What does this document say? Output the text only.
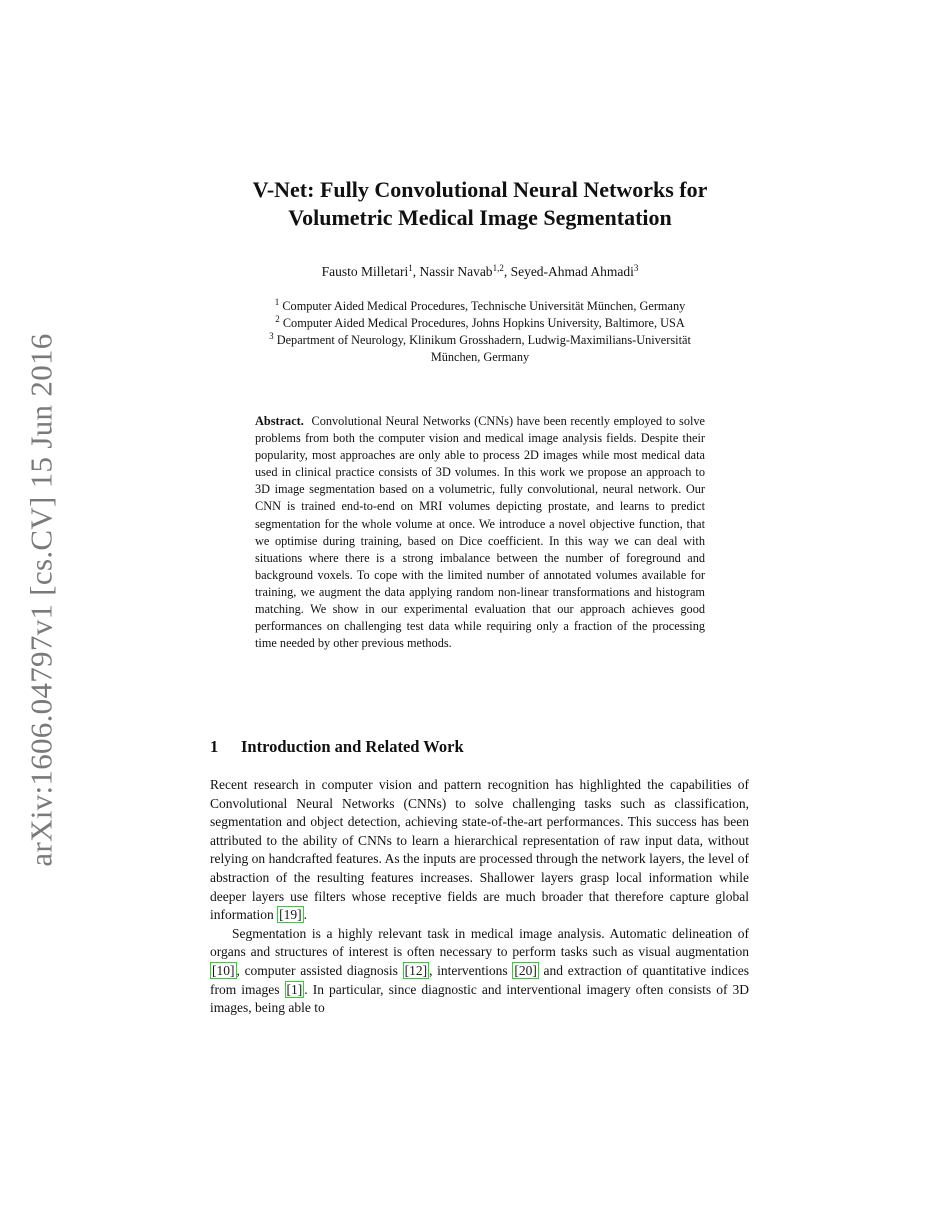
arXiv:1606.04797v1 [cs.CV] 15 Jun 2016
V-Net: Fully Convolutional Neural Networks for
Volumetric Medical Image Segmentation
Fausto Milletari$^1$, Nassir Navab$^{1,2}$, Seyed-Ahmad Ahmadi$^3$
$^1$ Computer Aided Medical Procedures, Technische Universität München, Germany
$^2$ Computer Aided Medical Procedures, Johns Hopkins University, Baltimore, USA
$^3$ Department of Neurology, Klinikum Grosshadern, Ludwig-Maximilians-Universität
München, Germany
Abstract. Convolutional Neural Networks (CNNs) have been recently employed to solve problems from both the computer vision and medical image analysis fields. Despite their popularity, most approaches are only able to process 2D images while most medical data used in clinical practice consists of 3D volumes. In this work we propose an approach to 3D image segmentation based on a volumetric, fully convolutional, neural network. Our CNN is trained end-to-end on MRI volumes depicting prostate, and learns to predict segmentation for the whole volume at once. We introduce a novel objective function, that we optimise during training, based on Dice coefficient. In this way we can deal with situations where there is a strong imbalance between the number of foreground and background voxels. To cope with the limited number of annotated volumes available for training, we augment the data applying random non-linear transformations and histogram matching. We show in our experimental evaluation that our approach achieves good performances on challenging test data while requiring only a fraction of the processing time needed by other previous methods.
1 Introduction and Related Work

Recent research in computer vision and pattern recognition has highlighted the capabilities of Convolutional Neural Networks (CNNs) to solve challenging tasks such as classification, segmentation and object detection, achieving state-of-the-art performances. This success has been attributed to the ability of CNNs to learn a hierarchical representation of raw input data, without relying on handcrafted features. As the inputs are processed through the network layers, the level of abstraction of the resulting features increases. Shallower layers grasp local information while deeper layers use filters whose receptive fields are much broader that therefore capture global information [19] .

Segmentation is a highly relevant task in medical image analysis. Automatic delineation of organs and structures of interest is often necessary to perform tasks such as visual augmentation [10] , computer assisted diagnosis [12] , interventions [20] and extraction of quantitative indices from images [1] . In particular, since diagnostic and interventional imagery often consists of 3D images, being able to
